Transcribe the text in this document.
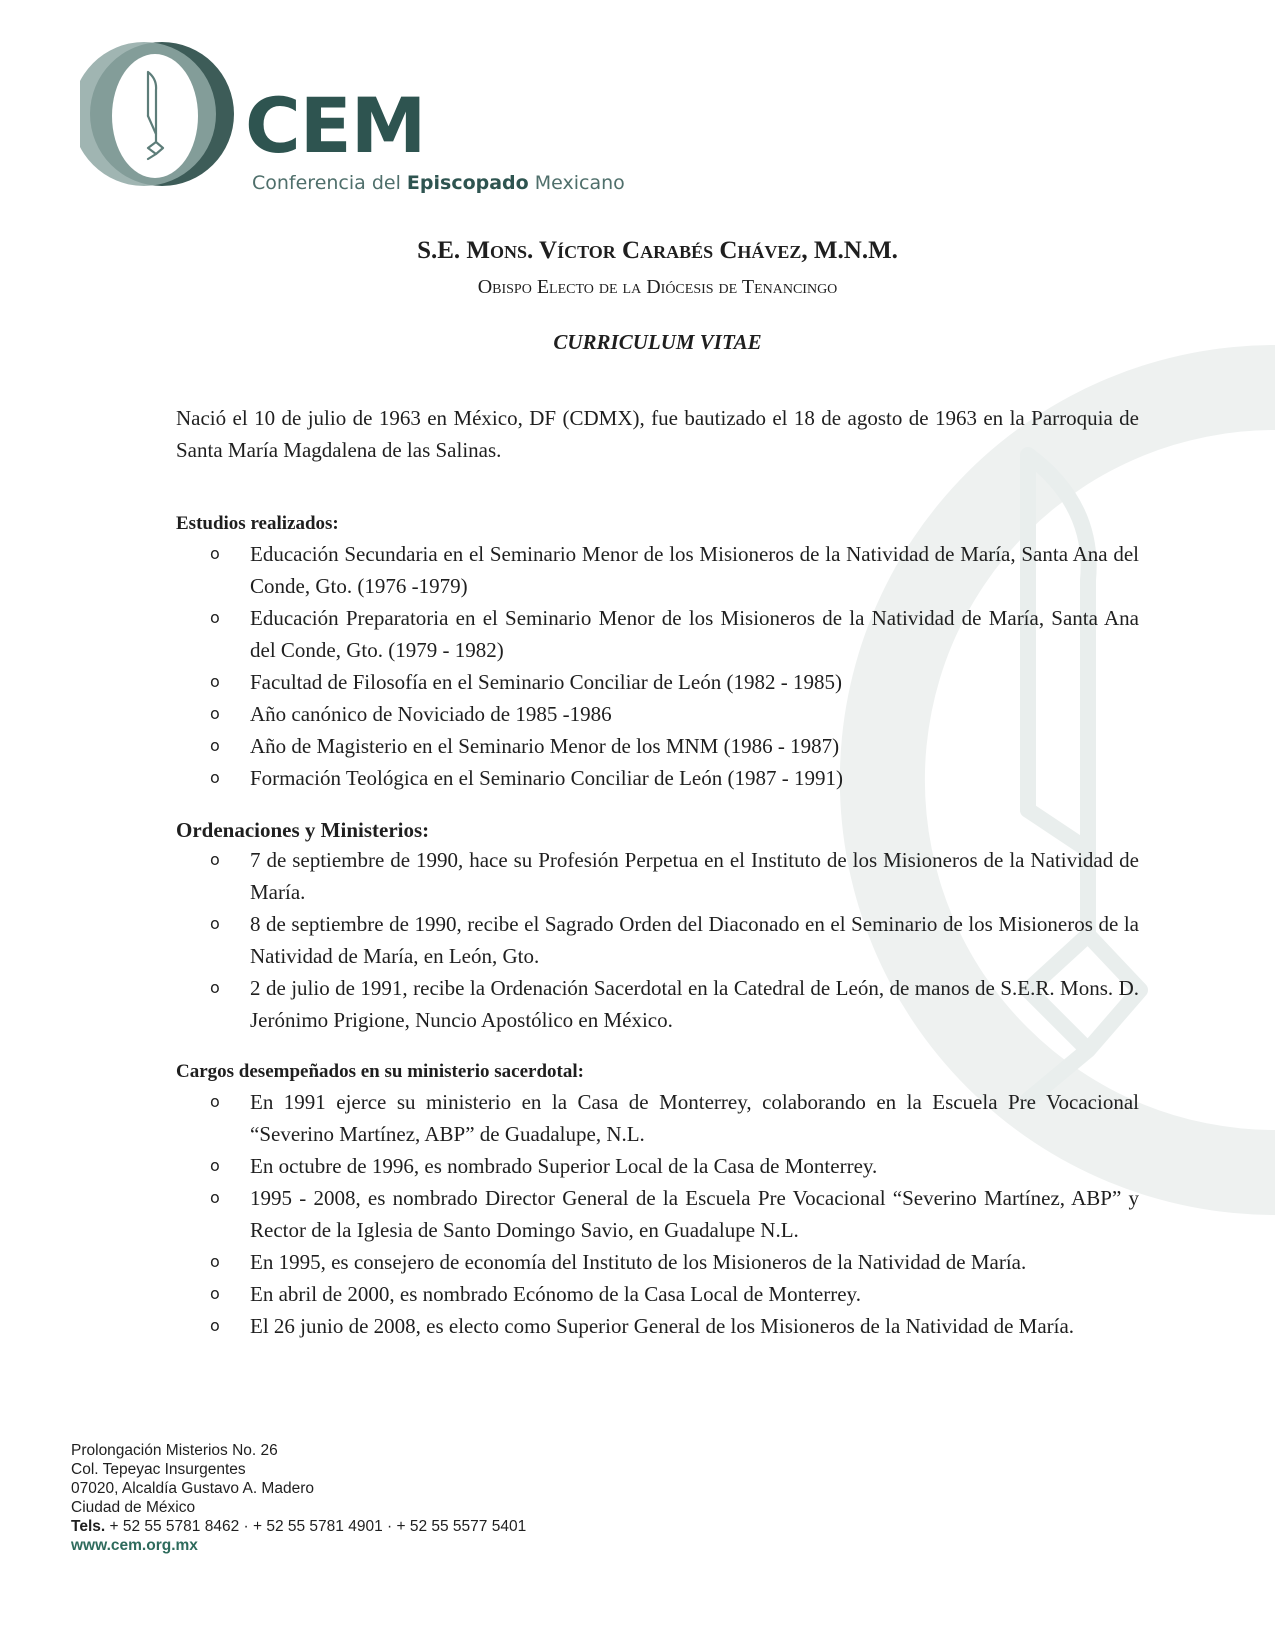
CEM
Conferencia del Episcopado Mexicano
S.E. Mons. Víctor Carabés Chávez, M.N.M.

Obispo Electo de la Diócesis de Tenancingo

CURRICULUM VITAE

Nació el 10 de julio de 1963 en México, DF (CDMX), fue bautizado el 18 de agosto de 1963 en la Parroquia de Santa María Magdalena de las Salinas.

Estudios realizados:

o Educación Secundaria en el Seminario Menor de los Misioneros de la Natividad de María, Santa Ana del Conde, Gto. (1976 -1979)
o Educación Preparatoria en el Seminario Menor de los Misioneros de la Natividad de María, Santa Ana del Conde, Gto. (1979 - 1982)
o Facultad de Filosofía en el Seminario Conciliar de León (1982 - 1985)
o Año canónico de Noviciado de 1985 -1986
o Año de Magisterio en el Seminario Menor de los MNM (1986 - 1987)
o Formación Teológica en el Seminario Conciliar de León (1987 - 1991)

Ordenaciones y Ministerios:

o 7 de septiembre de 1990, hace su Profesión Perpetua en el Instituto de los Misioneros de la Natividad de María.
o 8 de septiembre de 1990, recibe el Sagrado Orden del Diaconado en el Seminario de los Misioneros de la Natividad de María, en León, Gto.
o 2 de julio de 1991, recibe la Ordenación Sacerdotal en la Catedral de León, de manos de S.E.R. Mons. D. Jerónimo Prigione, Nuncio Apostólico en México.

Cargos desempeñados en su ministerio sacerdotal:

o En 1991 ejerce su ministerio en la Casa de Monterrey, colaborando en la Escuela Pre Vocacional “Severino Martínez, ABP” de Guadalupe, N.L.
o En octubre de 1996, es nombrado Superior Local de la Casa de Monterrey.
o 1995 - 2008, es nombrado Director General de la Escuela Pre Vocacional “Severino Martínez, ABP” y Rector de la Iglesia de Santo Domingo Savio, en Guadalupe N.L.
o En 1995, es consejero de economía del Instituto de los Misioneros de la Natividad de María.
o En abril de 2000, es nombrado Ecónomo de la Casa Local de Monterrey.
o El 26 junio de 2008, es electo como Superior General de los Misioneros de la Natividad de María.
Prolongación Misterios No. 26
Col. Tepeyac Insurgentes
07020, Alcaldía Gustavo A. Madero
Ciudad de México
Tels. + 52 55 5781 8462 · + 52 55 5781 4901 · + 52 55 5577 5401
www.cem.org.mx
